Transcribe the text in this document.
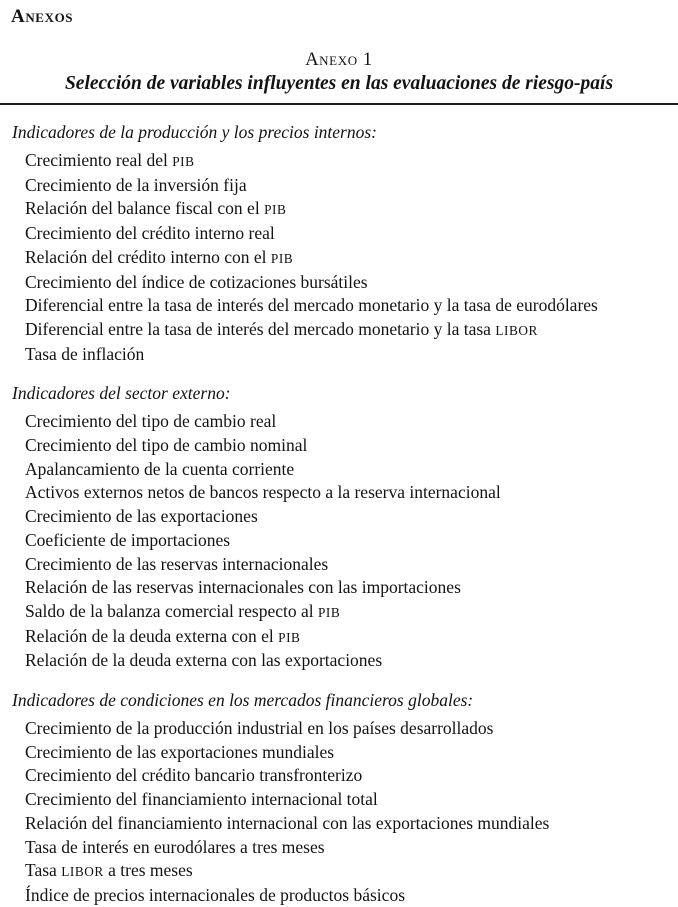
Anexos
Anexo 1
Selección de variables influyentes en las evaluaciones de riesgo-país
Indicadores de la producción y los precios internos:
Crecimiento real del PIB
Crecimiento de la inversión fija
Relación del balance fiscal con el PIB
Crecimiento del crédito interno real
Relación del crédito interno con el PIB
Crecimiento del índice de cotizaciones bursátiles
Diferencial entre la tasa de interés del mercado monetario y la tasa de eurodólares
Diferencial entre la tasa de interés del mercado monetario y la tasa LIBOR
Tasa de inflación
Indicadores del sector externo:
Crecimiento del tipo de cambio real
Crecimiento del tipo de cambio nominal
Apalancamiento de la cuenta corriente
Activos externos netos de bancos respecto a la reserva internacional
Crecimiento de las exportaciones
Coeficiente de importaciones
Crecimiento de las reservas internacionales
Relación de las reservas internacionales con las importaciones
Saldo de la balanza comercial respecto al PIB
Relación de la deuda externa con el PIB
Relación de la deuda externa con las exportaciones
Indicadores de condiciones en los mercados financieros globales:
Crecimiento de la producción industrial en los países desarrollados
Crecimiento de las exportaciones mundiales
Crecimiento del crédito bancario transfronterizo
Crecimiento del financiamiento internacional total
Relación del financiamiento internacional con las exportaciones mundiales
Tasa de interés en eurodólares a tres meses
Tasa LIBOR a tres meses
Índice de precios internacionales de productos básicos
